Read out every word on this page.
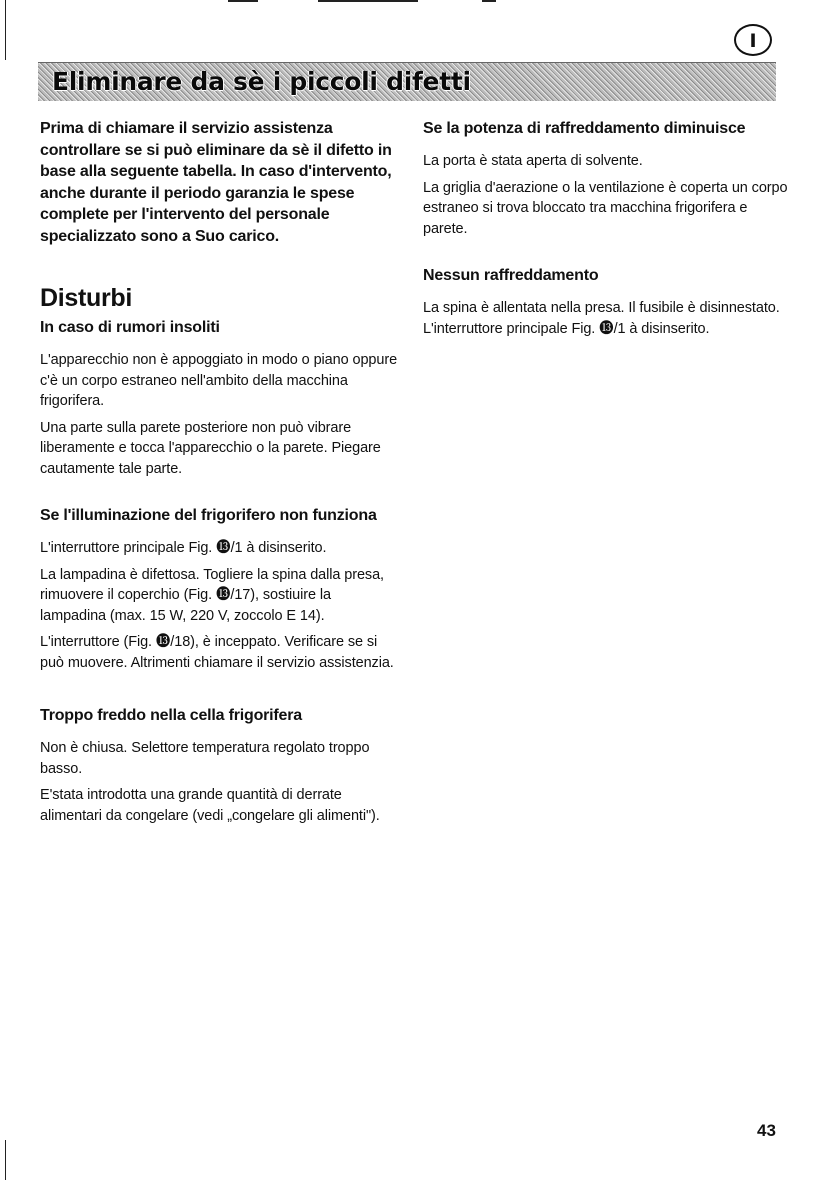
I
Eliminare da sè i piccoli difetti

Prima di chiamare il servizio assistenza controllare se si può eliminare da sè il difetto in base alla seguente tabella. In caso d'intervento, anche durante il periodo garanzia le spese complete per l'intervento del personale specializzato sono a Suo carico.

Disturbi
In caso di rumori insoliti

L'apparecchio non è appoggiato in modo o piano oppure c'è un corpo estraneo nell'ambito della macchina frigorifera.

Una parte sulla parete posteriore non può vibrare liberamente e tocca l'apparecchio o la parete. Piegare cautamente tale parte.

Se l'illuminazione del frigorifero non funziona

L'interruttore principale Fig. ⓭/1 à disinserito.

La lampadina è difettosa. Togliere la spina dalla presa, rimuovere il coperchio (Fig. ⓭/17), sostiuire la lampadina (max. 15 W, 220 V, zoccolo E 14).

L'interruttore (Fig. ⓭/18), è inceppato. Verificare se si può muovere. Altrimenti chiamare il servizio assistenzia.

Troppo freddo nella cella frigorifera

Non è chiusa. Selettore temperatura regolato troppo basso.

E'stata introdotta una grande quantità di derrate alimentari da congelare (vedi „congelare gli alimenti").

Se la potenza di raffreddamento diminuisce

La porta è stata aperta di solvente.

La griglia d'aerazione o la ventilazione è coperta un corpo estraneo si trova bloccato tra macchina frigorifera e parete.

Nessun raffreddamento

La spina è allentata nella presa. Il fusibile è disinnestato. L'interruttore principale Fig. ⓭/1 à disinserito.

43
